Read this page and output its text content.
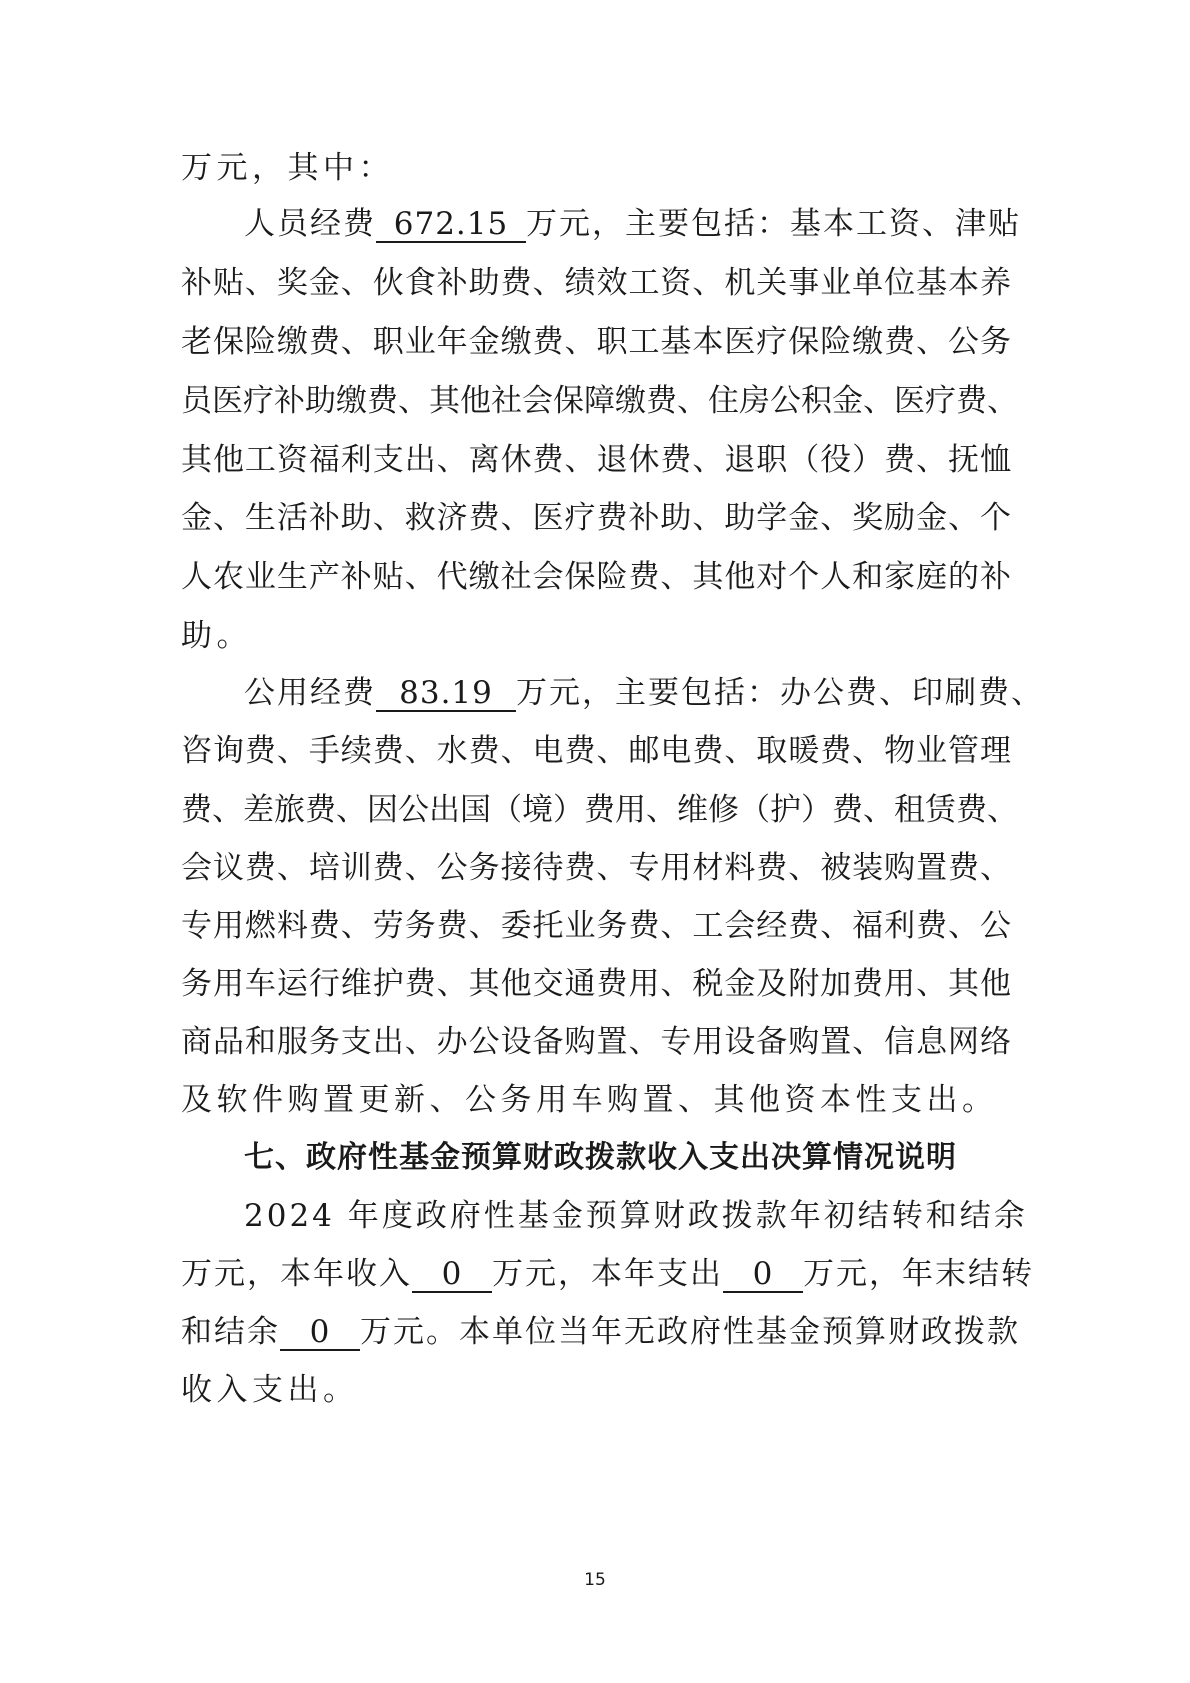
万元，其中：
人员经费 672.15 万元，主要包括：基本工资、津贴
补贴、奖金、伙食补助费、绩效工资、机关事业单位基本养
老保险缴费、职业年金缴费、职工基本医疗保险缴费、公务
员医疗补助缴费、其他社会保障缴费、住房公积金、医疗费、
其他工资福利支出、离休费、退休费、退职（役）费、抚恤
金、生活补助、救济费、医疗费补助、助学金、奖励金、个
人农业生产补贴、代缴社会保险费、其他对个人和家庭的补
助。
公用经费 83.19 万元，主要包括：办公费、印刷费、
咨询费、手续费、水费、电费、邮电费、取暖费、物业管理
费、差旅费、因公出国（境）费用、维修（护）费、租赁费、
会议费、培训费、公务接待费、专用材料费、被装购置费、
专用燃料费、劳务费、委托业务费、工会经费、福利费、公
务用车运行维护费、其他交通费用、税金及附加费用、其他
商品和服务支出、办公设备购置、专用设备购置、信息网络
及软件购置更新、公务用车购置、其他资本性支出。
七、政府性基金预算财政拨款收入支出决算情况说明
2024 年度政府性基金预算财政拨款年初结转和结余
万元，本年收入 0 万元，本年支出 0 万元，年末结转
和结余 0 万元。本单位当年无政府性基金预算财政拨款
收入支出。
15
